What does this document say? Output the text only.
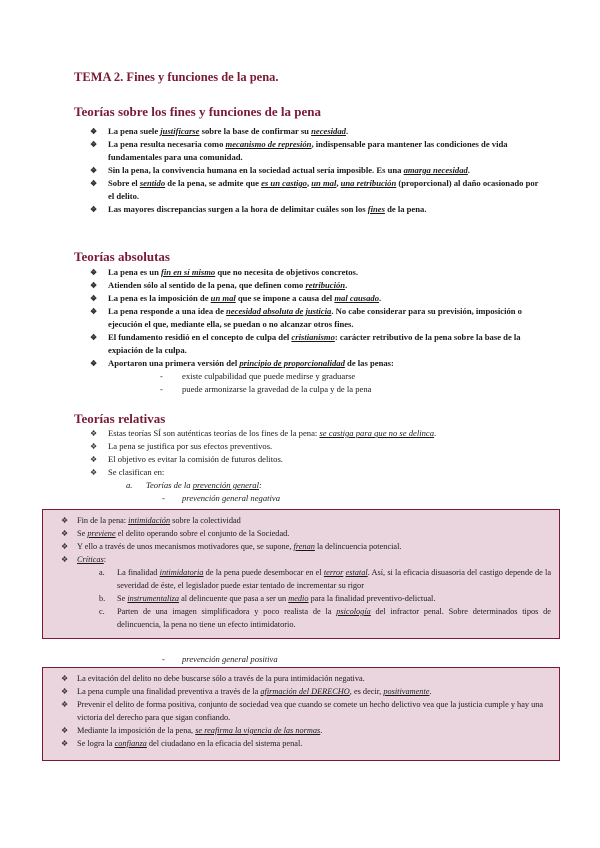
TEMA 2. Fines y funciones de la pena.
Teorías sobre los fines y funciones de la pena
❖ La pena suele justificarse sobre la base de confirmar su necesidad.
❖ La pena resulta necesaria como mecanismo de represión, indispensable para mantener las condiciones de vida fundamentales para una comunidad.
❖ Sin la pena, la convivencia humana en la sociedad actual sería imposible. Es una amarga necesidad.
❖ Sobre el sentido de la pena, se admite que es un castigo, un mal, una retribución (proporcional) al daño ocasionado por el delito.
❖ Las mayores discrepancias surgen a la hora de delimitar cuáles son los fines de la pena.
Teorías absolutas
❖ La pena es un fin en sí mismo que no necesita de objetivos concretos.
❖ Atienden sólo al sentido de la pena, que definen como retribución.
❖ La pena es la imposición de un mal que se impone a causa del mal causado.
❖ La pena responde a una idea de necesidad absoluta de justicia. No cabe considerar para su previsión, imposición o ejecución el que, mediante ella, se puedan o no alcanzar otros fines.
❖ El fundamento residió en el concepto de culpa del cristianismo: carácter retributivo de la pena sobre la base de la expiación de la culpa.
❖ Aportaron una primera versión del principio de proporcionalidad de las penas:
- existe culpabilidad que puede medirse y graduarse
- puede armonizarse la gravedad de la culpa y de la pena
Teorías relativas
❖ Estas teorías SÍ son auténticas teorías de los fines de la pena: se castiga para que no se delinca.
❖ La pena se justifica por sus efectos preventivos.
❖ El objetivo es evitar la comisión de futuros delitos.
❖ Se clasifican en:
a. Teorías de la prevención general:
- prevención general negativa
❖ Fin de la pena: intimidación sobre la colectividad
❖ Se previene el delito operando sobre el conjunto de la Sociedad.
❖ Y ello a través de unos mecanismos motivadores que, se supone, frenan la delincuencia potencial.
❖ Críticas:
a. La finalidad intimidatoria de la pena puede desembocar en el terror estatal. Así, si la eficacia disuasoria del castigo depende de la severidad de éste, el legislador puede estar tentado de incrementar su rigor
b. Se instrumentaliza al delincuente que pasa a ser un medio para la finalidad preventivo-delictual.
c. Parten de una imagen simplificadora y poco realista de la psicología del infractor penal. Sobre determinados tipos de delincuencia, la pena no tiene un efecto intimidatorio.
- prevención general positiva
❖ La evitación del delito no debe buscarse sólo a través de la pura intimidación negativa.
❖ La pena cumple una finalidad preventiva a través de la afirmación del DERECHO, es decir, positivamente.
❖ Prevenir el delito de forma positiva, conjunto de sociedad vea que cuando se comete un hecho delictivo vea que la justicia cumple y hay una victoria del derecho para que sigan confiando.
❖ Mediante la imposición de la pena, se reafirma la vigencia de las normas.
❖ Se logra la confianza del ciudadano en la eficacia del sistema penal.
